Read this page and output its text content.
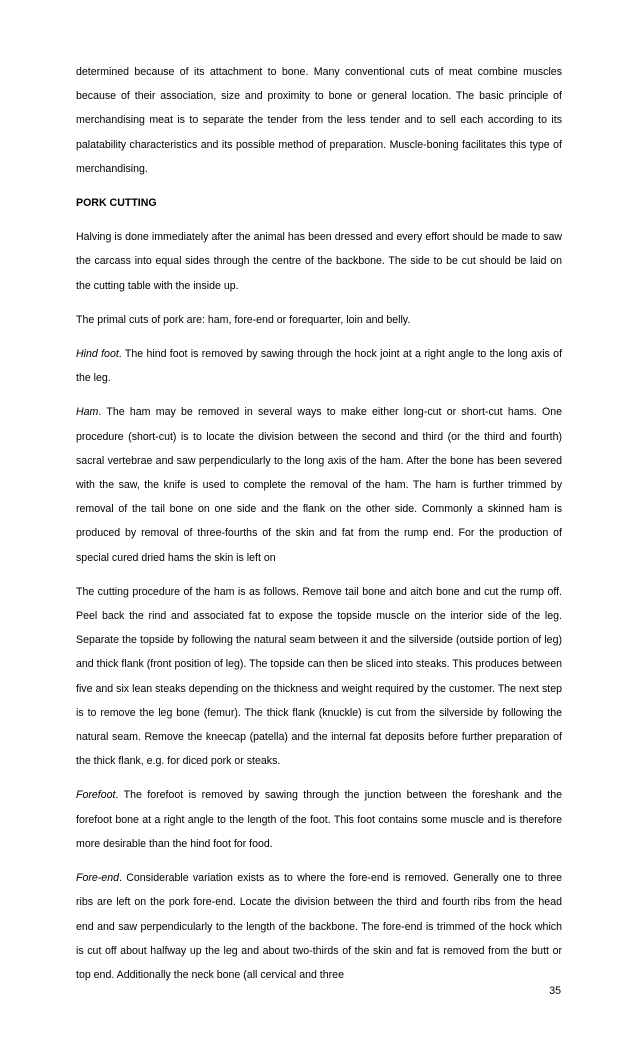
determined because of its attachment to bone. Many conventional cuts of meat combine muscles because of their association, size and proximity to bone or general location. The basic principle of merchandising meat is to separate the tender from the less tender and to sell each according to its palatability characteristics and its possible method of preparation. Muscle-boning facilitates this type of merchandising.

PORK CUTTING

Halving is done immediately after the animal has been dressed and every effort should be made to saw the carcass into equal sides through the centre of the backbone. The side to be cut should be laid on the cutting table with the inside up.

The primal cuts of pork are: ham, fore-end or forequarter, loin and belly.

Hind foot. The hind foot is removed by sawing through the hock joint at a right angle to the long axis of the leg.

Ham. The ham may be removed in several ways to make either long-cut or short-cut hams. One procedure (short-cut) is to locate the division between the second and third (or the third and fourth) sacral vertebrae and saw perpendicularly to the long axis of the ham. After the bone has been severed with the saw, the knife is used to complete the removal of the ham. The ham is further trimmed by removal of the tail bone on one side and the flank on the other side. Commonly a skinned ham is produced by removal of three-fourths of the skin and fat from the rump end. For the production of special cured dried hams the skin is left on

The cutting procedure of the ham is as follows. Remove tail bone and aitch bone and cut the rump off. Peel back the rind and associated fat to expose the topside muscle on the interior side of the leg. Separate the topside by following the natural seam between it and the silverside (outside portion of leg) and thick flank (front position of leg). The topside can then be sliced into steaks. This produces between five and six lean steaks depending on the thickness and weight required by the customer. The next step is to remove the leg bone (femur). The thick flank (knuckle) is cut from the silverside by following the natural seam. Remove the kneecap (patella) and the internal fat deposits before further preparation of the thick flank, e.g. for diced pork or steaks.

Forefoot. The forefoot is removed by sawing through the junction between the foreshank and the forefoot bone at a right angle to the length of the foot. This foot contains some muscle and is therefore more desirable than the hind foot for food.

Fore-end. Considerable variation exists as to where the fore-end is removed. Generally one to three ribs are left on the pork fore-end. Locate the division between the third and fourth ribs from the head end and saw perpendicularly to the length of the backbone. The fore-end is trimmed of the hock which is cut off about halfway up the leg and about two-thirds of the skin and fat is removed from the butt or top end. Additionally the neck bone (all cervical and three

35
